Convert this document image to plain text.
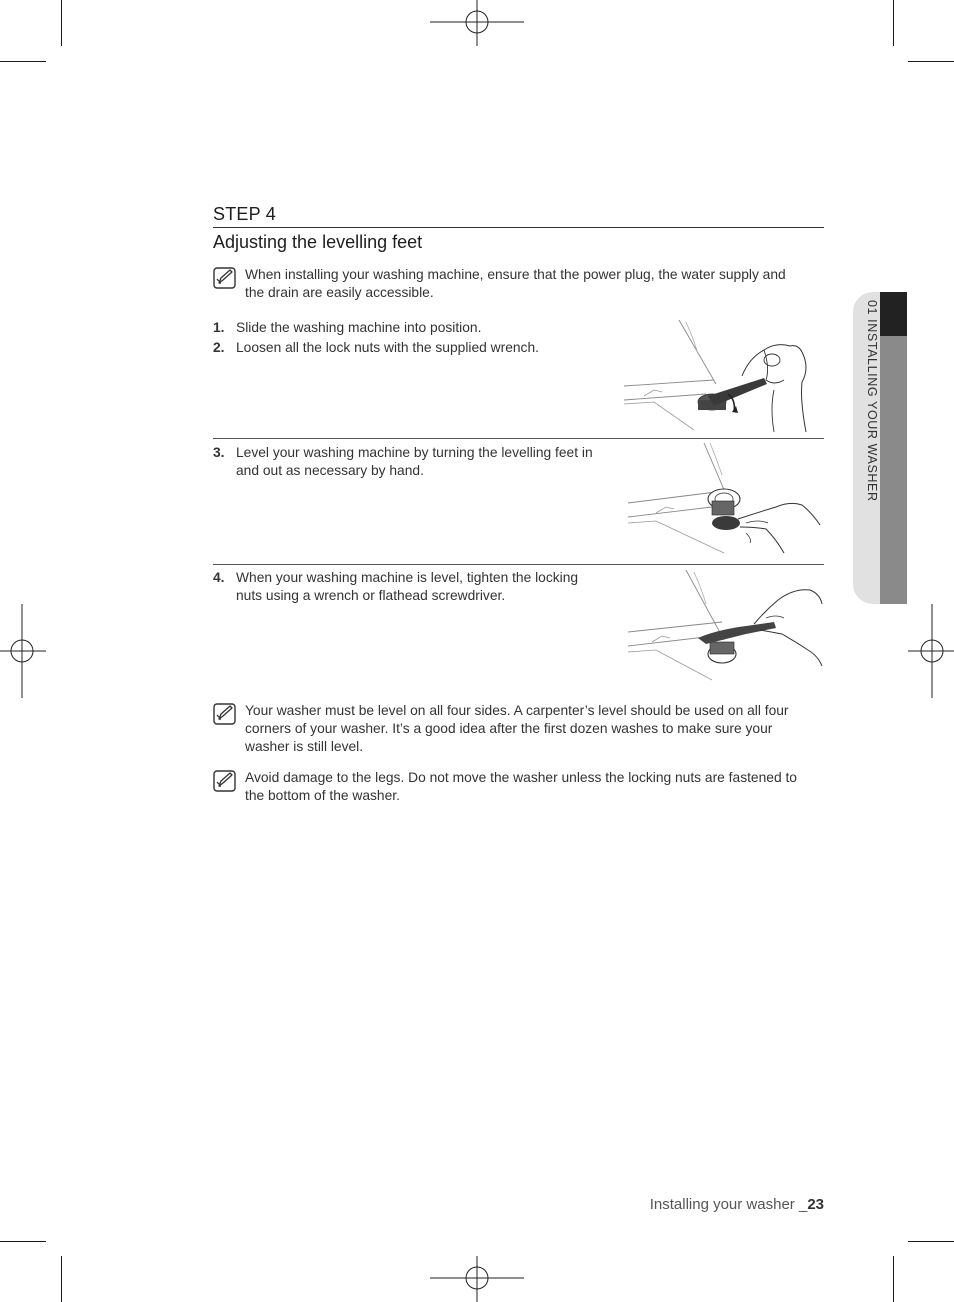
STEP 4
Adjusting the levelling feet
When installing your washing machine, ensure that the power plug, the water supply and
the drain are easily accessible.
1. Slide the washing machine into position.
2. Loosen all the lock nuts with the supplied wrench.
3. Level your washing machine by turning the levelling feet in
and out as necessary by hand.
4. When your washing machine is level, tighten the locking
nuts using a wrench or flathead screwdriver.
Your washer must be level on all four sides. A carpenter’s level should be used on all four
corners of your washer. It’s a good idea after the first dozen washes to make sure your
washer is still level.
Avoid damage to the legs. Do not move the washer unless the locking nuts are fastened to
the bottom of the washer.
01 INSTALLING YOUR WASHER
Installing your washer _23
